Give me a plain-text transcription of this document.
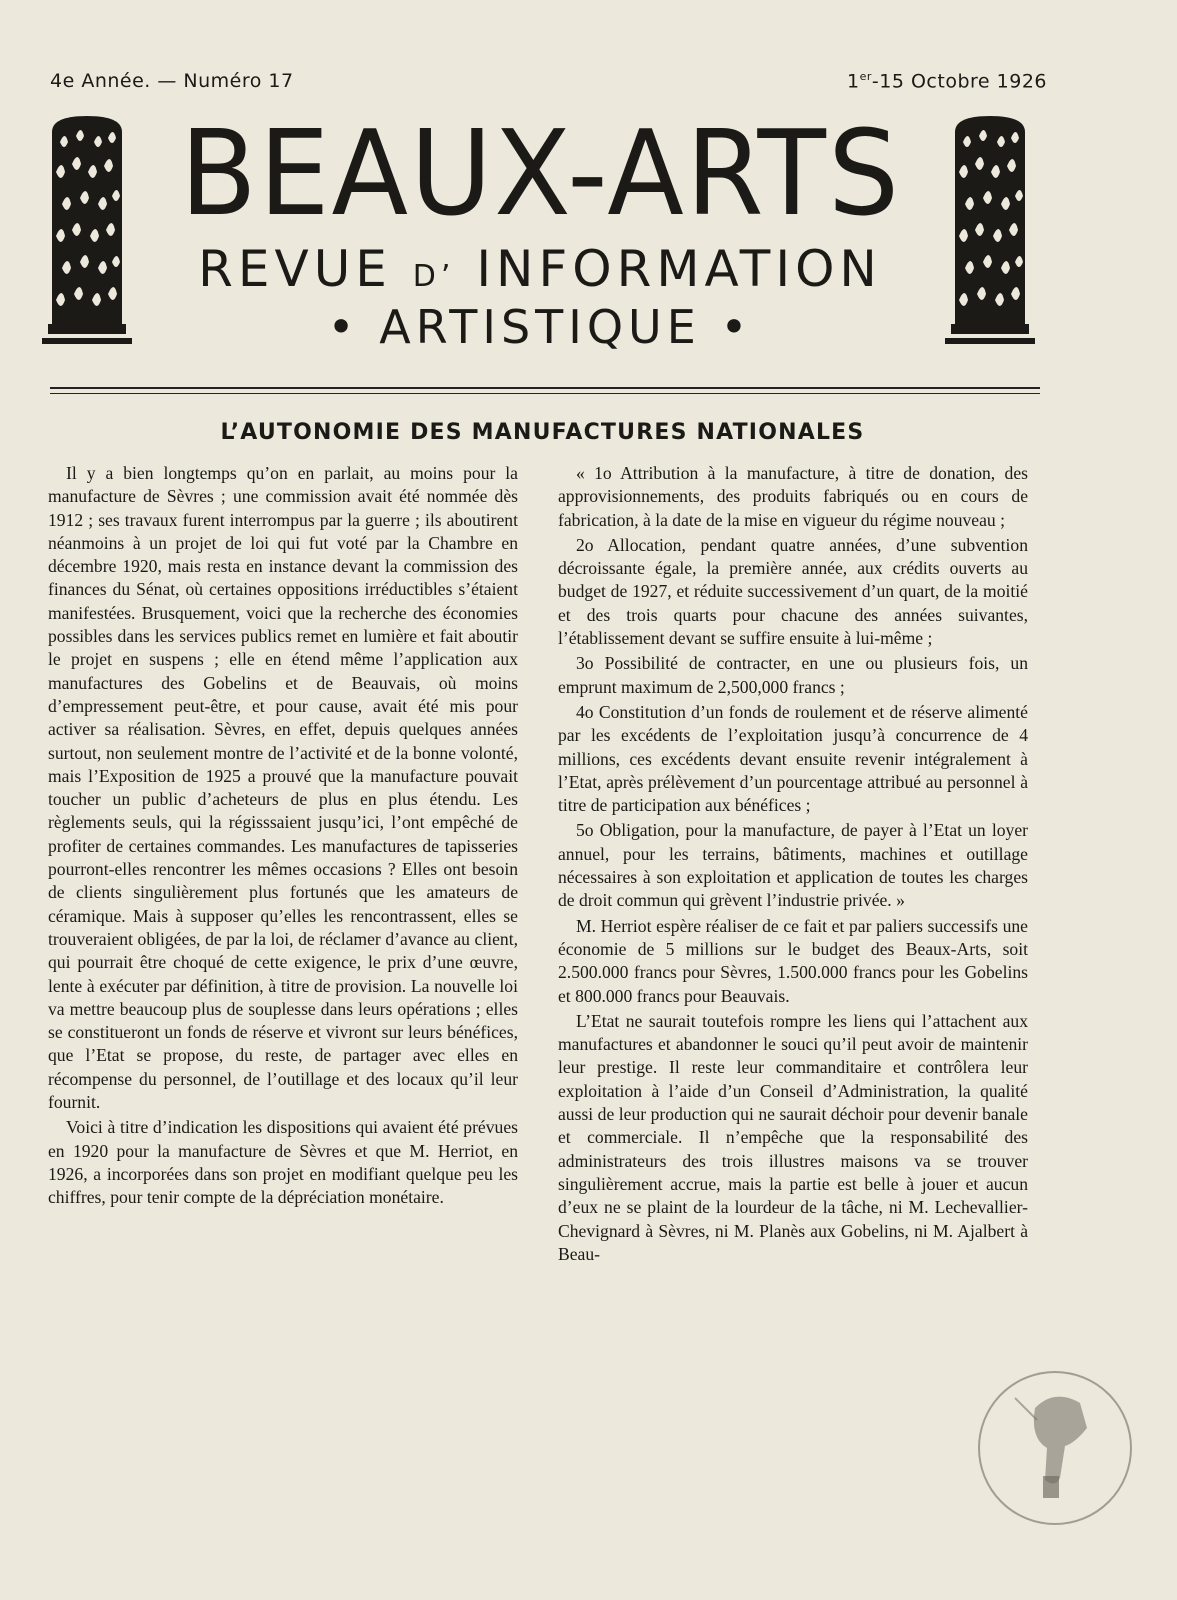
4e Année. — Numéro 17	1er-15 Octobre 1926
BEAUX-ARTS
REVUE D’ INFORMATION
• ARTISTIQUE •
L’AUTONOMIE DES MANUFACTURES NATIONALES

Il y a bien longtemps qu’on en parlait, au moins pour la manufacture de Sèvres ; une commission avait été nommée dès 1912 ; ses travaux furent interrompus par la guerre ; ils aboutirent néanmoins à un projet de loi qui fut voté par la Chambre en décembre 1920, mais resta en instance devant la commission des finances du Sénat, où certaines oppositions irréductibles s’étaient manifestées. Brusquement, voici que la recherche des économies possibles dans les services publics remet en lumière et fait aboutir le projet en suspens ; elle en étend même l’application aux manufactures des Gobelins et de Beauvais, où moins d’empressement peut-être, et pour cause, avait été mis pour activer sa réalisation. Sèvres, en effet, depuis quelques années surtout, non seulement montre de l’activité et de la bonne volonté, mais l’Exposition de 1925 a prouvé que la manufacture pouvait toucher un public d’acheteurs de plus en plus étendu. Les règlements seuls, qui la régisssaient jusqu’ici, l’ont empêché de profiter de certaines commandes. Les manufactures de tapisseries pourront-elles rencontrer les mêmes occasions ? Elles ont besoin de clients singulièrement plus fortunés que les amateurs de céramique. Mais à supposer qu’elles les rencontrassent, elles se trouveraient obligées, de par la loi, de réclamer d’avance au client, qui pourrait être choqué de cette exigence, le prix d’une œuvre, lente à exécuter par définition, à titre de provision. La nouvelle loi va mettre beaucoup plus de souplesse dans leurs opérations ; elles se constitueront un fonds de réserve et vivront sur leurs bénéfices, que l’Etat se propose, du reste, de partager avec elles en récompense du personnel, de l’outillage et des locaux qu’il leur fournit.

Voici à titre d’indication les dispositions qui avaient été prévues en 1920 pour la manufacture de Sèvres et que M. Herriot, en 1926, a incorporées dans son projet en modifiant quelque peu les chiffres, pour tenir compte de la dépréciation monétaire.

« 1o Attribution à la manufacture, à titre de donation, des approvisionnements, des produits fabriqués ou en cours de fabrication, à la date de la mise en vigueur du régime nouveau ;

2o Allocation, pendant quatre années, d’une subvention décroissante égale, la première année, aux crédits ouverts au budget de 1927, et réduite successivement d’un quart, de la moitié et des trois quarts pour chacune des années suivantes, l’établissement devant se suffire ensuite à lui-même ;

3o Possibilité de contracter, en une ou plusieurs fois, un emprunt maximum de 2,500,000 francs ;

4o Constitution d’un fonds de roulement et de réserve alimenté par les excédents de l’exploitation jusqu’à concurrence de 4 millions, ces excédents devant ensuite revenir intégralement à l’Etat, après prélèvement d’un pourcentage attribué au personnel à titre de participation aux bénéfices ;

5o Obligation, pour la manufacture, de payer à l’Etat un loyer annuel, pour les terrains, bâtiments, machines et outillage nécessaires à son exploitation et application de toutes les charges de droit commun qui grèvent l’industrie privée. »

M. Herriot espère réaliser de ce fait et par paliers successifs une économie de 5 millions sur le budget des Beaux-Arts, soit 2.500.000 francs pour Sèvres, 1.500.000 francs pour les Gobelins et 800.000 francs pour Beauvais.

L’Etat ne saurait toutefois rompre les liens qui l’attachent aux manufactures et abandonner le souci qu’il peut avoir de maintenir leur prestige. Il reste leur commanditaire et contrôlera leur exploitation à l’aide d’un Conseil d’Administration, la qualité aussi de leur production qui ne saurait déchoir pour devenir banale et commerciale. Il n’empêche que la responsabilité des administrateurs des trois illustres maisons va se trouver singulièrement accrue, mais la partie est belle à jouer et aucun d’eux ne se plaint de la lourdeur de la tâche, ni M. Lechevallier-Chevignard à Sèvres, ni M. Planès aux Gobelins, ni M. Ajalbert à Beau-
